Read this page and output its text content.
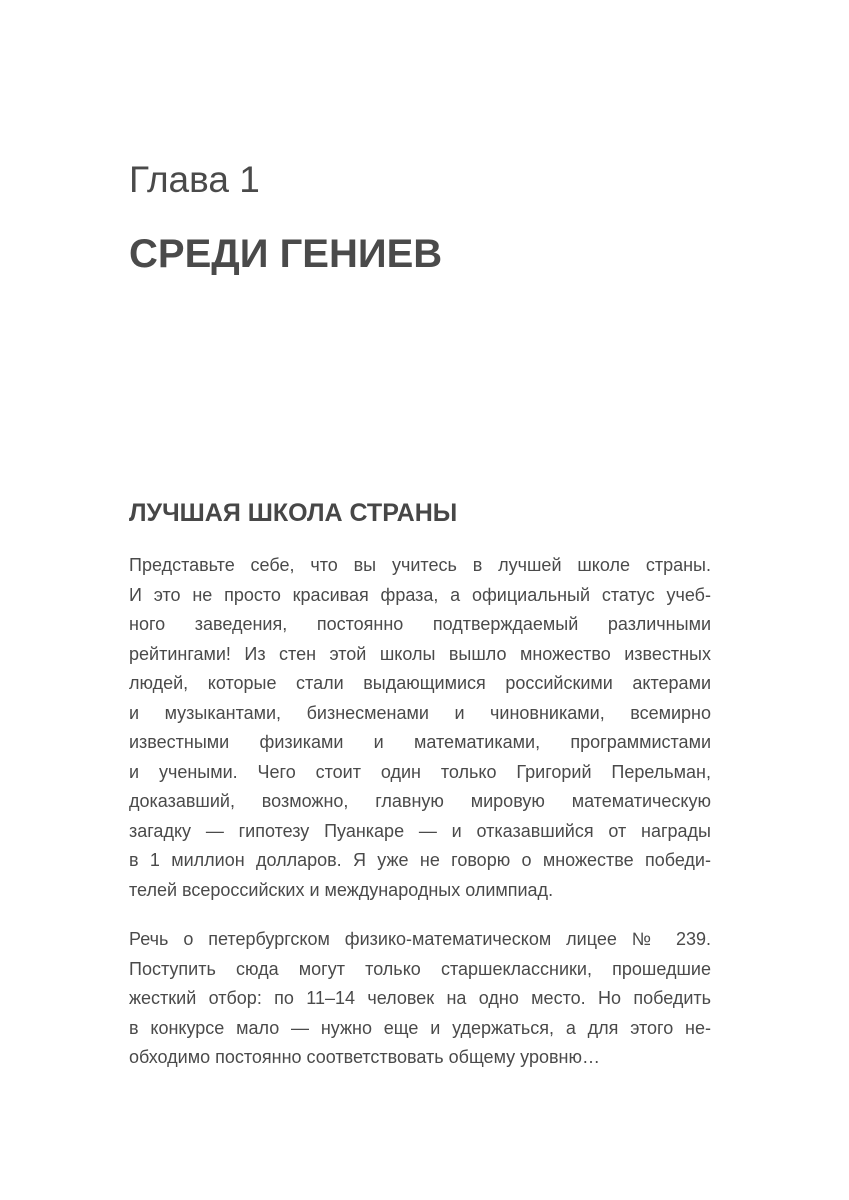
Глава 1
СРЕДИ ГЕНИЕВ
ЛУЧШАЯ ШКОЛА СТРАНЫ

Представьте себе, что вы учитесь в лучшей школе страны.
И это не просто красивая фраза, а официальный статус учеб-
ного заведения, постоянно подтверждаемый различными
рейтингами! Из стен этой школы вышло множество известных
людей, которые стали выдающимися российскими актерами
и музыкантами, бизнесменами и чиновниками, всемирно
известными физиками и математиками, программистами
и учеными. Чего стоит один только Григорий Перельман,
доказавший, возможно, главную мировую математическую
загадку — гипотезу Пуанкаре — и отказавшийся от награды
в 1 миллион долларов. Я уже не говорю о множестве победи-
телей всероссийских и международных олимпиад.

Речь о петербургском физико-математическом лицее № 239.
Поступить сюда могут только старшеклассники, прошедшие
жесткий отбор: по 11–14 человек на одно место. Но победить
в конкурсе мало — нужно еще и удержаться, а для этого не-
обходимо постоянно соответствовать общему уровню…
